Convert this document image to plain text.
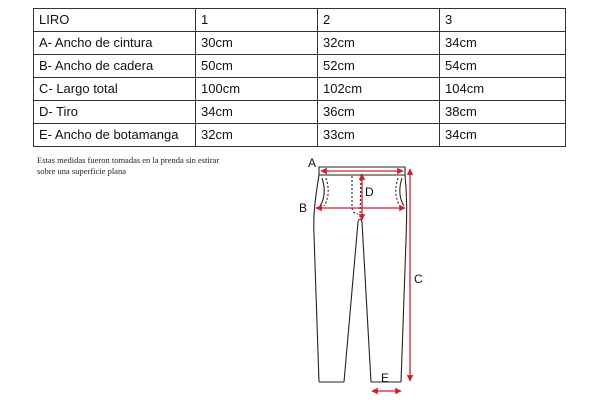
LIRO	1	2	3
A- Ancho de cintura	30cm	32cm	34cm
B- Ancho de cadera	50cm	52cm	54cm
C- Largo total	100cm	102cm	104cm
D- Tiro	34cm	36cm	38cm
E- Ancho de botamanga	32cm	33cm	34cm
Estas medidas fueron tomadas en la prenda sin estirar
sobre una superficie plana
A
B
C
D
E
